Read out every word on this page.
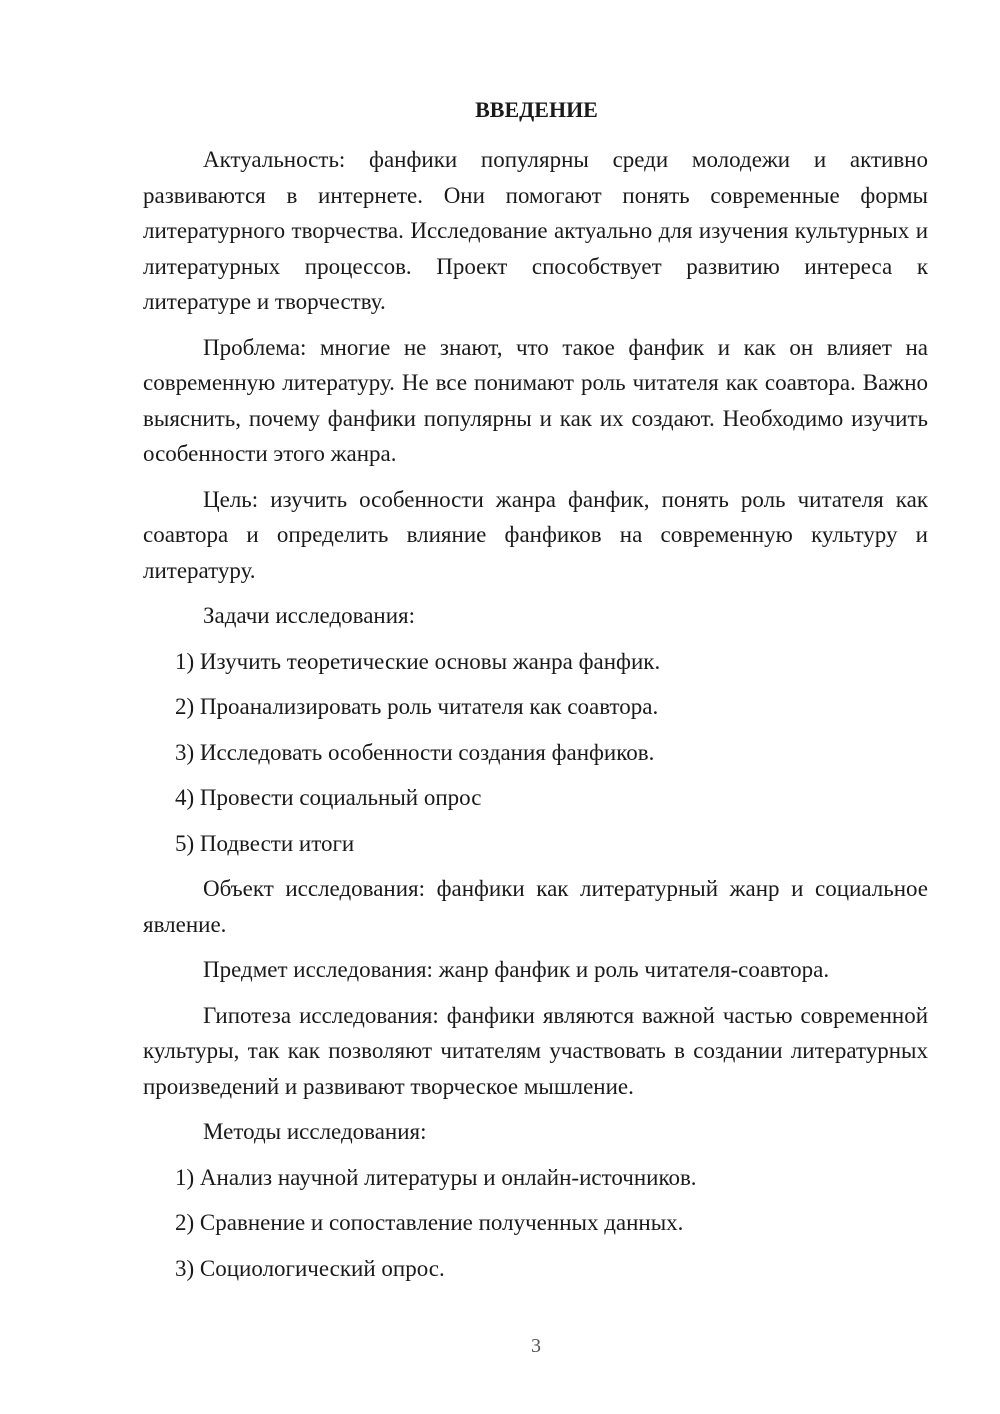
ВВЕДЕНИЕ

Актуальность: фанфики популярны среди молодежи и активно развиваются в интернете. Они помогают понять современные формы литературного творчества. Исследование актуально для изучения культурных и литературных процессов. Проект способствует развитию интереса к литературе и творчеству.

Проблема: многие не знают, что такое фанфик и как он влияет на современную литературу. Не все понимают роль читателя как соавтора. Важно выяснить, почему фанфики популярны и как их создают. Необходимо изучить особенности этого жанра.

Цель: изучить особенности жанра фанфик, понять роль читателя как соавтора и определить влияние фанфиков на современную культуру и литературу.

Задачи исследования:

1) Изучить теоретические основы жанра фанфик.
2) Проанализировать роль читателя как соавтора.
3) Исследовать особенности создания фанфиков.
4) Провести социальный опрос
5) Подвести итоги

Объект исследования: фанфики как литературный жанр и социальное явление.

Предмет исследования: жанр фанфик и роль читателя-соавтора.

Гипотеза исследования: фанфики являются важной частью современной культуры, так как позволяют читателям участвовать в создании литературных произведений и развивают творческое мышление.

Методы исследования:

1) Анализ научной литературы и онлайн-источников.
2) Сравнение и сопоставление полученных данных.
3) Социологический опрос.
3
